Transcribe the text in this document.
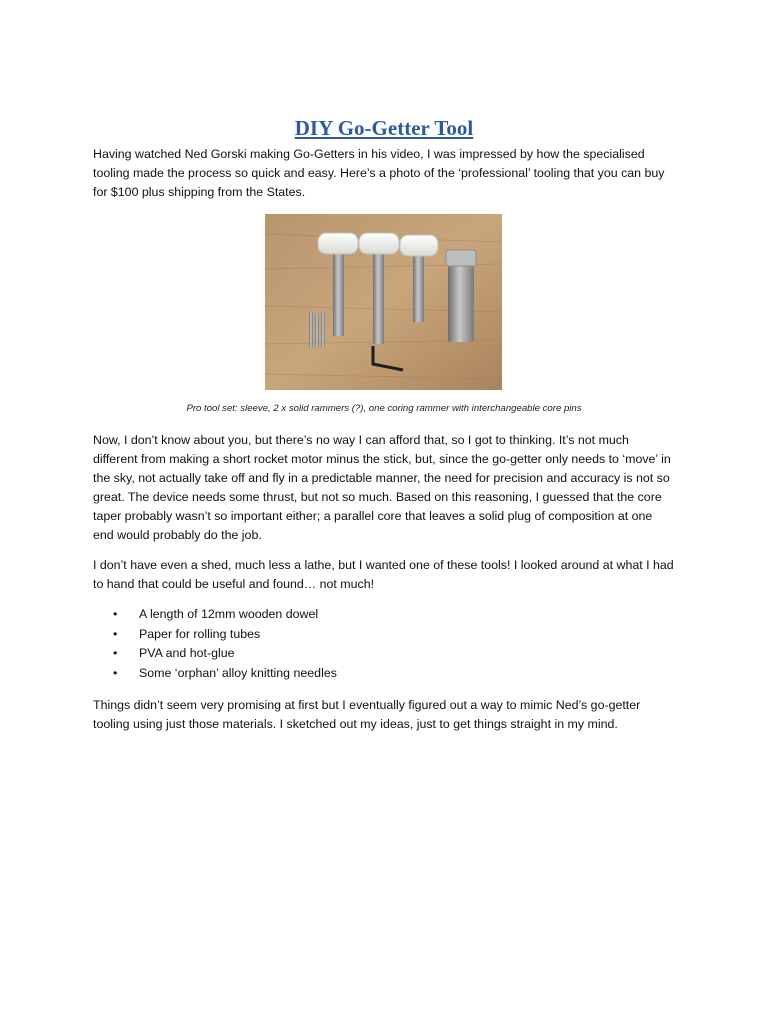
DIY Go-Getter Tool

Having watched Ned Gorski making Go-Getters in his video, I was impressed by how the specialised tooling made the process so quick and easy. Here’s a photo of the ‘professional’ tooling that you can buy for $100 plus shipping from the States.

Pro tool set: sleeve, 2 x solid rammers (?), one coring rammer with interchangeable core pins

Now, I don’t know about you, but there’s no way I can afford that, so I got to thinking. It’s not much different from making a short rocket motor minus the stick, but, since the go-getter only needs to ‘move’ in the sky, not actually take off and fly in a predictable manner, the need for precision and accuracy is not so great. The device needs some thrust, but not so much. Based on this reasoning, I guessed that the core taper probably wasn’t so important either; a parallel core that leaves a solid plug of composition at one end would probably do the job.

I don’t have even a shed, much less a lathe, but I wanted one of these tools! I looked around at what I had to hand that could be useful and found… not much!

• A length of 12mm wooden dowel
• Paper for rolling tubes
• PVA and hot-glue
• Some ‘orphan’ alloy knitting needles

Things didn’t seem very promising at first but I eventually figured out a way to mimic Ned’s go-getter tooling using just those materials. I sketched out my ideas, just to get things straight in my mind.
